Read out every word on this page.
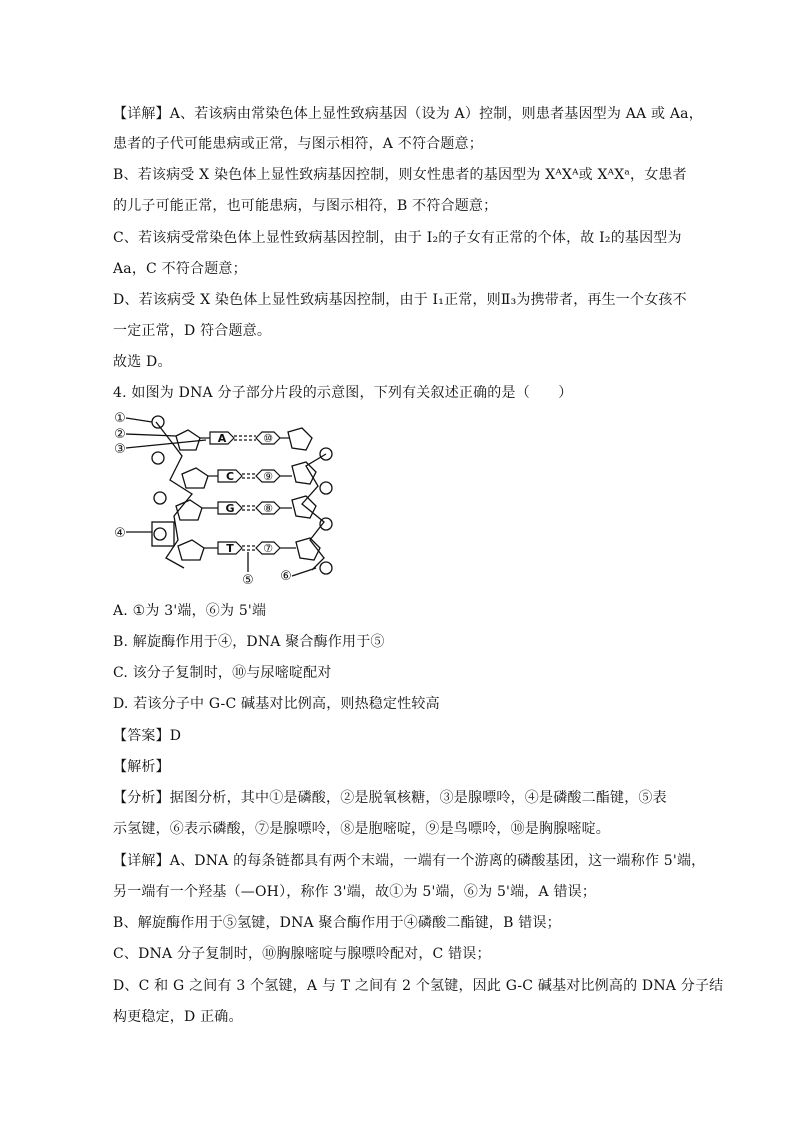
【详解】A、若该病由常染色体上显性致病基因（设为 A）控制，则患者基因型为 AA 或 Aa，
患者的子代可能患病或正常，与图示相符，A 不符合题意；
B、若该病受 X 染色体上显性致病基因控制，则女性患者的基因型为 XᴬXᴬ或 XᴬXᵃ，女患者
的儿子可能正常，也可能患病，与图示相符，B 不符合题意；
C、若该病受常染色体上显性致病基因控制，由于 I₂的子女有正常的个体，故 I₂的基因型为
Aa，C 不符合题意；
D、若该病受 X 染色体上显性致病基因控制，由于 I₁正常，则Ⅱ₃为携带者，再生一个女孩不
一定正常，D 符合题意。
故选 D。
4. 如图为 DNA 分子部分片段的示意图，下列有关叙述正确的是（　　）
A
C
G
T
⑩
⑨
⑧
⑦
①
②
③
④
⑤ ⑥
A. ①为 3'端，⑥为 5'端
B. 解旋酶作用于④，DNA 聚合酶作用于⑤
C. 该分子复制时，⑩与尿嘧啶配对
D. 若该分子中 G-C 碱基对比例高，则热稳定性较高
【答案】D
【解析】
【分析】据图分析，其中①是磷酸，②是脱氧核糖，③是腺嘌呤，④是磷酸二酯键，⑤表
示氢键，⑥表示磷酸，⑦是腺嘌呤，⑧是胞嘧啶，⑨是鸟嘌呤，⑩是胸腺嘧啶。
【详解】A、DNA 的每条链都具有两个末端，一端有一个游离的磷酸基团，这一端称作 5'端，
另一端有一个羟基（—OH），称作 3'端，故①为 5'端，⑥为 5'端，A 错误；
B、解旋酶作用于⑤氢键，DNA 聚合酶作用于④磷酸二酯键，B 错误；
C、DNA 分子复制时，⑩胸腺嘧啶与腺嘌呤配对，C 错误；
D、C 和 G 之间有 3 个氢键，A 与 T 之间有 2 个氢键，因此 G-C 碱基对比例高的 DNA 分子结
构更稳定，D 正确。
